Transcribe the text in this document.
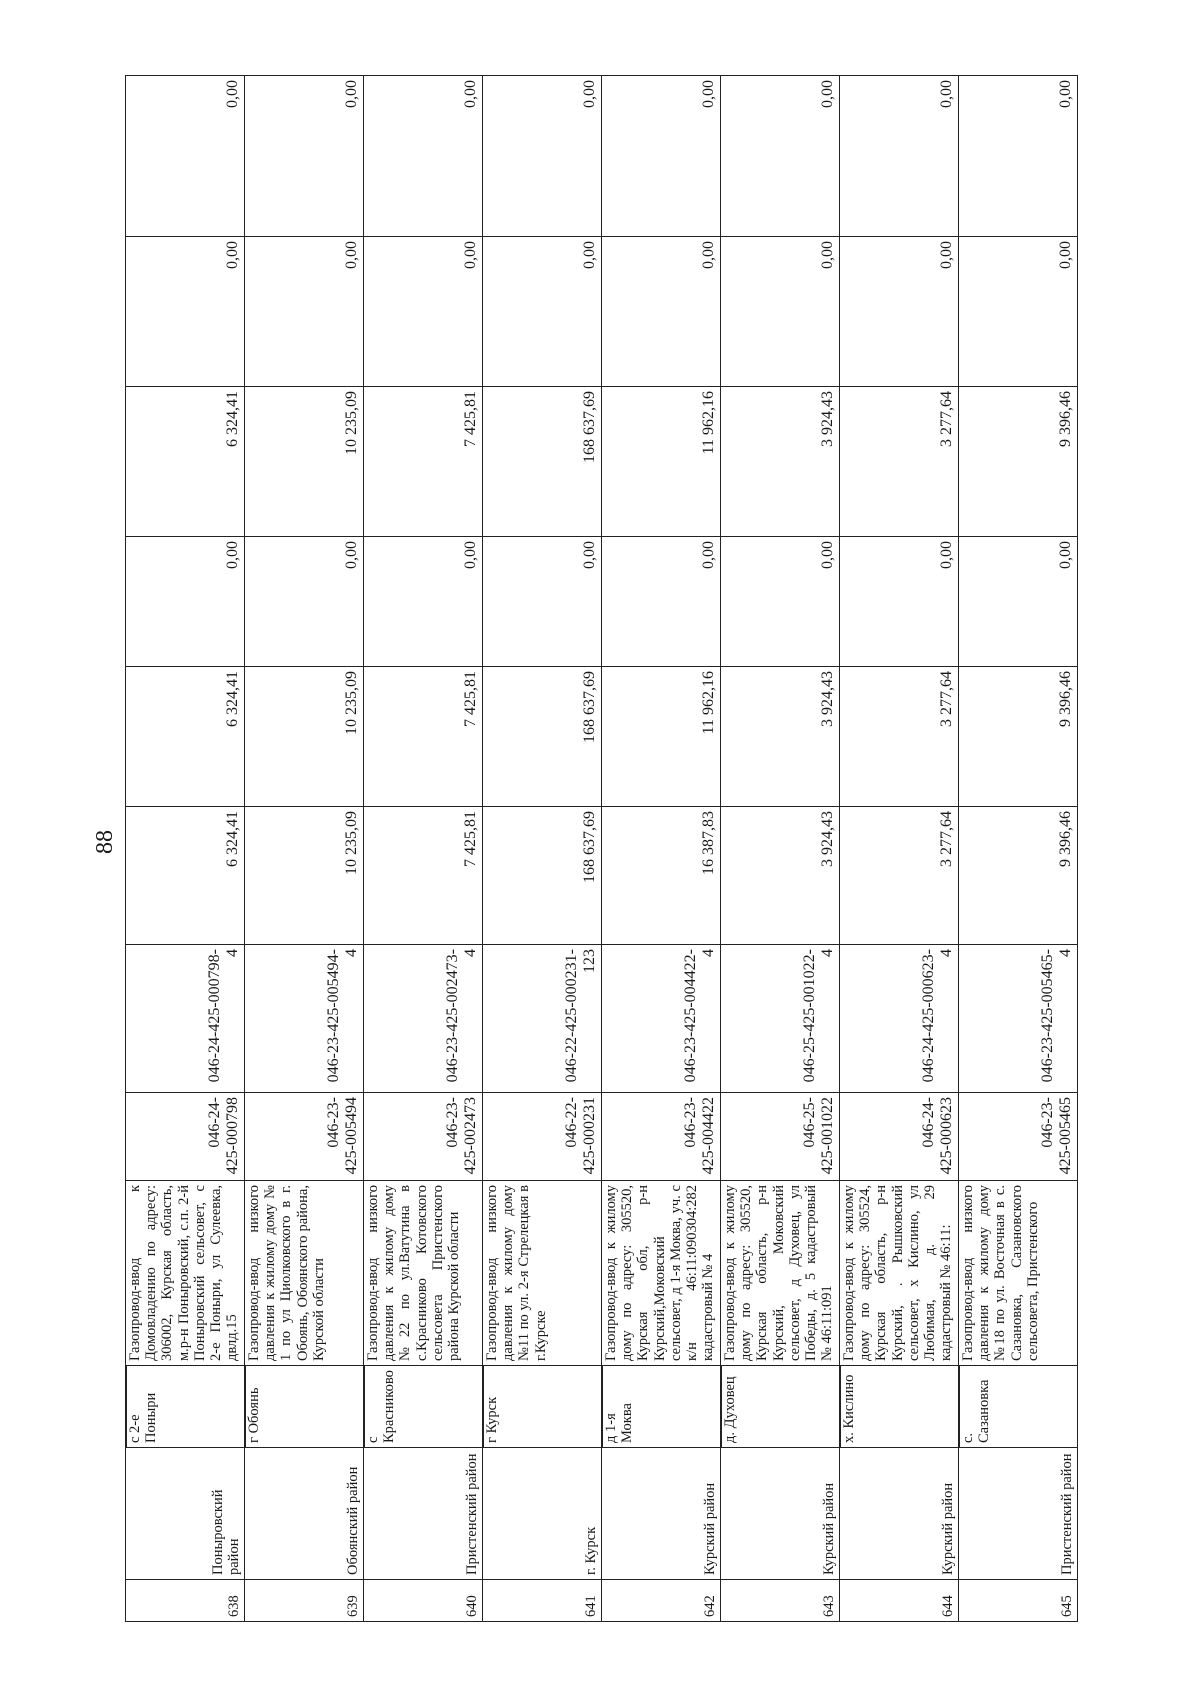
88
638	Поныровский район	с 2-е Поныри	Газопровод-ввод к Домовладению по адресу: 306002, Курская область, м.р-н Поныровский, с.п. 2-й Поныровский сельсовет, с 2-е Поныри, ул Сулеевка, двлд.15	046-24-425-000798	046-24-425-000798-4	6 324,41	6 324,41	0,00	6 324,41	0,00	0,00
639	Обоянский район	г Обоянь	Газопровод-ввод низкого давления к жилому дому № 1 по ул Циолковского в г. Обоянь, Обоянского района, Курской области	046-23-425-005494	046-23-425-005494-4	10 235,09	10 235,09	0,00	10 235,09	0,00	0,00
640	Пристенский район	с Красниково	Газопровод-ввод низкого давления к жилому дому №22 по ул.Ватутина в с.Красниково Котовского сельсовета Пристенского района Курской области	046-23-425-002473	046-23-425-002473-4	7 425,81	7 425,81	0,00	7 425,81	0,00	0,00
641	г. Курск	г Курск	Газопровод-ввод низкого давления к жилому дому №11 по ул. 2-я Стрелецкая в г.Курске	046-22-425-000231	046-22-425-000231-123	168 637,69	168 637,69	0,00	168 637,69	0,00	0,00
642	Курский район	д 1-я Моква	Газопровод-ввод к жилому дому по адресу: 305520, Курская обл, р-н Курский,Моковский сельсовет, д 1-я Моква, уч. с к/н 46:11:090304:282 кадастровый № 4	046-23-425-004422	046-23-425-004422-4	16 387,83	11 962,16	0,00	11 962,16	0,00	0,00
643	Курский район	д. Духовец	Газопровод-ввод к жилому дому по адресу: 305520, Курская область, р-н Курский, Моковский сельсовет, д Духовец, ул Победы, д. 5 кадастровый № 46:11:091	046-25-425-001022	046-25-425-001022-4	3 924,43	3 924,43	0,00	3 924,43	0,00	0,00
644	Курский район	х. Кислино	Газопровод-ввод к жилому дому по адресу: 305524, Курская область, р-н Курский, . Рышковский сельсовет, х Кислино, ул Любимая, д. 29 кадастровый № 46:11:	046-24-425-000623	046-24-425-000623-4	3 277,64	3 277,64	0,00	3 277,64	0,00	0,00
645	Пристенский район	с. Сазановка	Газопровод-ввод низкого давления к жилому дому №18 по ул. Восточная в с. Сазановка, Сазановского сельсовета, Пристенского	046-23-425-005465	046-23-425-005465-4	9 396,46	9 396,46	0,00	9 396,46	0,00	0,00
